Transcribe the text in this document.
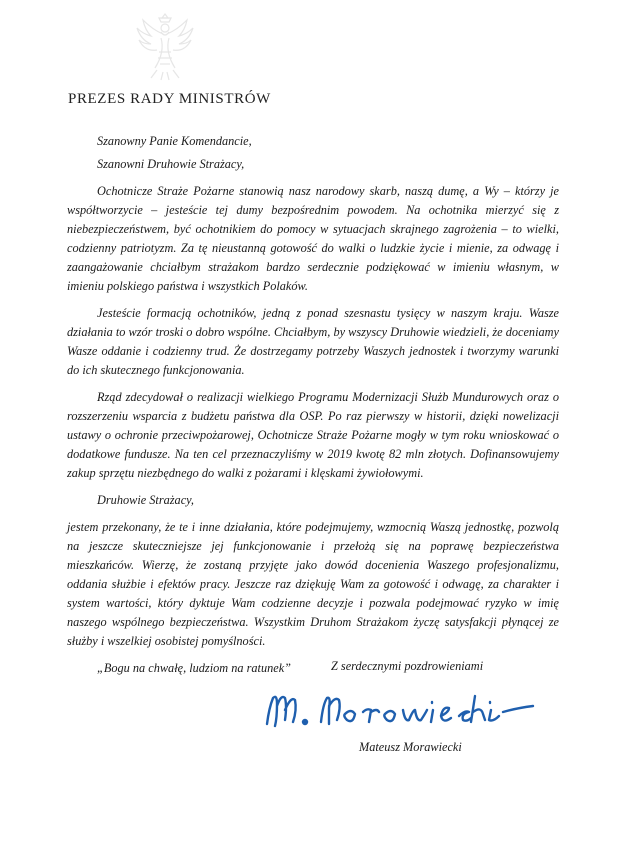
PREZES RADY MINISTRÓW

Szanowny Panie Komendancie,

Szanowni Druhowie Strażacy,

Ochotnicze Straże Pożarne stanowią nasz narodowy skarb, naszą dumę, a Wy – którzy je współtworzycie – jesteście tej dumy bezpośrednim powodem. Na ochotnika mierzyć się z niebezpieczeństwem, być ochotnikiem do pomocy w sytuacjach skrajnego zagrożenia – to wielki, codzienny patriotyzm. Za tę nieustanną gotowość do walki o ludzkie życie i mienie, za odwagę i zaangażowanie chciałbym strażakom bardzo serdecznie podziękować w imieniu własnym, w imieniu polskiego państwa i wszystkich Polaków.

Jesteście formacją ochotników, jedną z ponad szesnastu tysięcy w naszym kraju. Wasze działania to wzór troski o dobro wspólne. Chciałbym, by wszyscy Druhowie wiedzieli, że doceniamy Wasze oddanie i codzienny trud. Że dostrzegamy potrzeby Waszych jednostek i tworzymy warunki do ich skutecznego funkcjonowania.

Rząd zdecydował o realizacji wielkiego Programu Modernizacji Służb Mundurowych oraz o rozszerzeniu wsparcia z budżetu państwa dla OSP. Po raz pierwszy w historii, dzięki nowelizacji ustawy o ochronie przeciwpożarowej, Ochotnicze Straże Pożarne mogły w tym roku wnioskować o dodatkowe fundusze. Na ten cel przeznaczyliśmy w 2019 kwotę 82 mln złotych. Dofinansowujemy zakup sprzętu niezbędnego do walki z pożarami i klęskami żywiołowymi.

Druhowie Strażacy,

jestem przekonany, że te i inne działania, które podejmujemy, wzmocnią Waszą jednostkę, pozwolą na jeszcze skuteczniejsze jej funkcjonowanie i przełożą się na poprawę bezpieczeństwa mieszkańców. Wierzę, że zostaną przyjęte jako dowód docenienia Waszego profesjonalizmu, oddania służbie i efektów pracy. Jeszcze raz dziękuję Wam za gotowość i odwagę, za charakter i system wartości, który dyktuje Wam codzienne decyzje i pozwala podejmować ryzyko w imię naszego wspólnego bezpieczeństwa. Wszystkim Druhom Strażakom życzę satysfakcji płynącej ze służby i wszelkiej osobistej pomyślności.

„Bogu na chwałę, ludziom na ratunek”	Z serdecznymi pozdrowieniami
Mateusz Morawiecki
